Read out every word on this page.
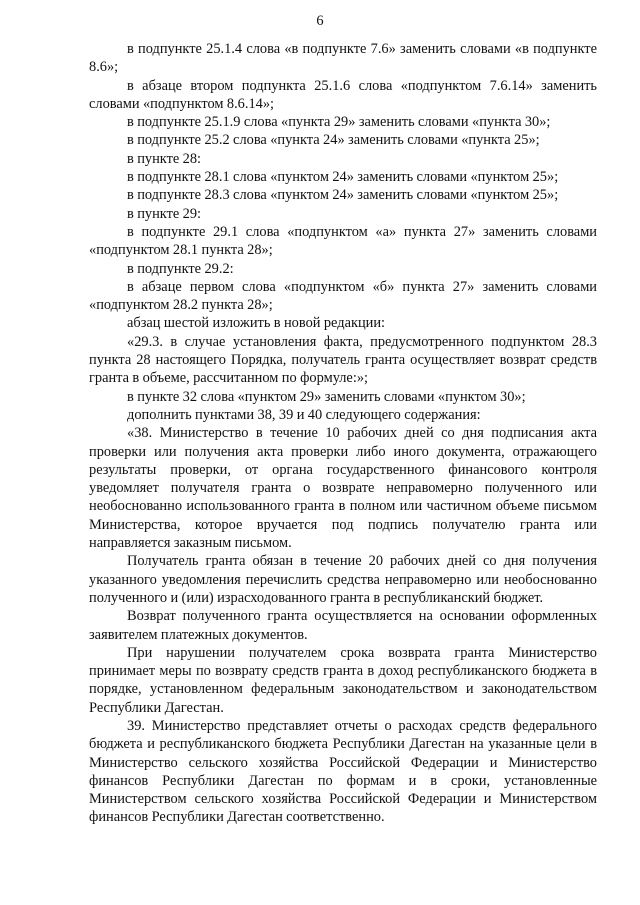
6

в подпункте 25.1.4 слова «в подпункте 7.6» заменить словами «в подпункте 8.6»;

в абзаце втором подпункта 25.1.6 слова «подпунктом 7.6.14» заменить словами «подпунктом 8.6.14»;

в подпункте 25.1.9 слова «пункта 29» заменить словами «пункта 30»;

в подпункте 25.2 слова «пункта 24» заменить словами «пункта 25»;

в пункте 28:

в подпункте 28.1 слова «пунктом 24» заменить словами «пунктом 25»;

в подпункте 28.3 слова «пунктом 24» заменить словами «пунктом 25»;

в пункте 29:

в подпункте 29.1 слова «подпунктом «а» пункта 27» заменить словами «подпунктом 28.1 пункта 28»;

в подпункте 29.2:

в абзаце первом слова «подпунктом «б» пункта 27» заменить словами «подпунктом 28.2 пункта 28»;

абзац шестой изложить в новой редакции:

«29.3. в случае установления факта, предусмотренного подпунктом 28.3 пункта 28 настоящего Порядка, получатель гранта осуществляет возврат средств гранта в объеме, рассчитанном по формуле:»;

в пункте 32 слова «пунктом 29» заменить словами «пунктом 30»;

дополнить пунктами 38, 39 и 40 следующего содержания:

«38. Министерство в течение 10 рабочих дней со дня подписания акта проверки или получения акта проверки либо иного документа, отражающего результаты проверки, от органа государственного финансового контроля уведомляет получателя гранта о возврате неправомерно полученного или необоснованно использованного гранта в полном или частичном объеме письмом Министерства, которое вручается под подпись получателю гранта или направляется заказным письмом.

Получатель гранта обязан в течение 20 рабочих дней со дня получения указанного уведомления перечислить средства неправомерно или необоснованно полученного и (или) израсходованного гранта в республиканский бюджет.

Возврат полученного гранта осуществляется на основании оформленных заявителем платежных документов.

При нарушении получателем срока возврата гранта Министерство принимает меры по возврату средств гранта в доход республиканского бюджета в порядке, установленном федеральным законодательством и законодательством Республики Дагестан.

39. Министерство представляет отчеты о расходах средств федерального бюджета и республиканского бюджета Республики Дагестан на указанные цели в Министерство сельского хозяйства Российской Федерации и Министерство финансов Республики Дагестан по формам и в сроки, установленные Министерством сельского хозяйства Российской Федерации и Министерством финансов Республики Дагестан соответственно.
